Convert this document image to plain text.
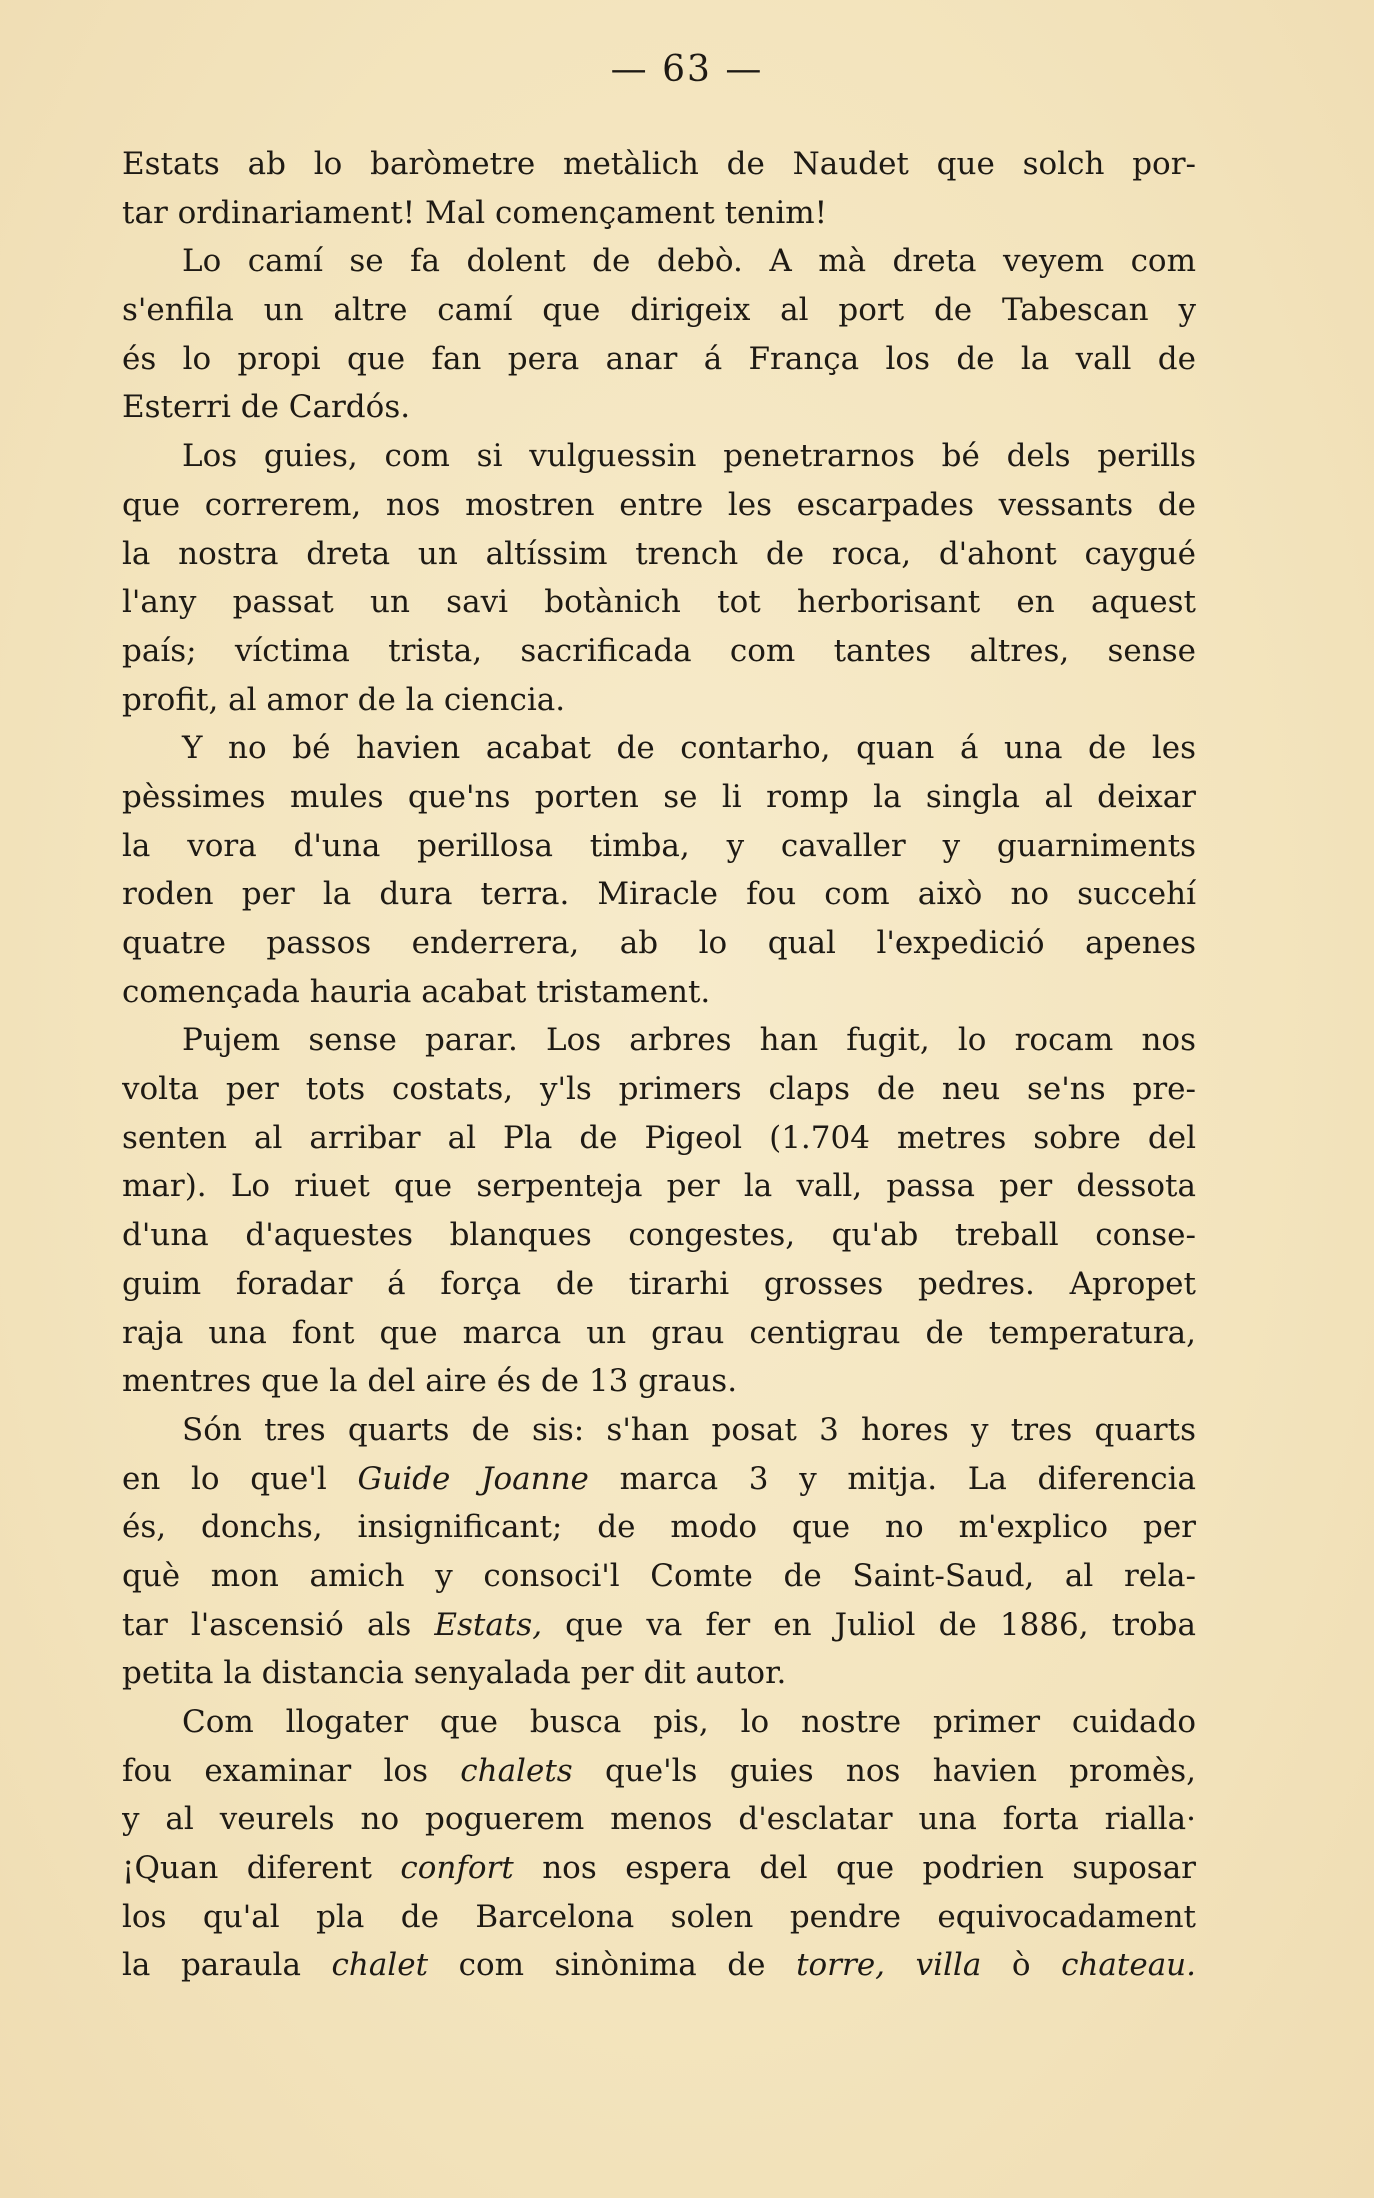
— 63 —
Estats ab lo baròmetre metàlich de Naudet que solch por-
tar ordinariament! Mal començament tenim!
Lo camí se fa dolent de debò. A mà dreta veyem com
s'enfila un altre camí que dirigeix al port de Tabescan y
és lo propi que fan pera anar á França los de la vall de
Esterri de Cardós.
Los guies, com si vulguessin penetrarnos bé dels perills
que correrem, nos mostren entre les escarpades vessants de
la nostra dreta un altíssim trench de roca, d'ahont caygué
l'any passat un savi botànich tot herborisant en aquest
país; víctima trista, sacrificada com tantes altres, sense
profit, al amor de la ciencia.
Y no bé havien acabat de contarho, quan á una de les
pèssimes mules que'ns porten se li romp la singla al deixar
la vora d'una perillosa timba, y cavaller y guarniments
roden per la dura terra. Miracle fou com això no succehí
quatre passos enderrera, ab lo qual l'expedició apenes
començada hauria acabat tristament.
Pujem sense parar. Los arbres han fugit, lo rocam nos
volta per tots costats, y'ls primers claps de neu se'ns pre-
senten al arribar al Pla de Pigeol (1.704 metres sobre del
mar). Lo riuet que serpenteja per la vall, passa per dessota
d'una d'aquestes blanques congestes, qu'ab treball conse-
guim foradar á força de tirarhi grosses pedres. Apropet
raja una font que marca un grau centigrau de temperatura,
mentres que la del aire és de 13 graus.
Són tres quarts de sis: s'han posat 3 hores y tres quarts
en lo que'l Guide Joanne marca 3 y mitja. La diferencia
és, donchs, insignificant; de modo que no m'explico per
què mon amich y consoci'l Comte de Saint-Saud, al rela-
tar l'ascensió als Estats, que va fer en Juliol de 1886, troba
petita la distancia senyalada per dit autor.
Com llogater que busca pis, lo nostre primer cuidado
fou examinar los chalets que'ls guies nos havien promès,
y al veurels no poguerem menos d'esclatar una forta rialla·
¡Quan diferent confort nos espera del que podrien suposar
los qu'al pla de Barcelona solen pendre equivocadament
la paraula chalet com sinònima de torre, villa ò chateau.
